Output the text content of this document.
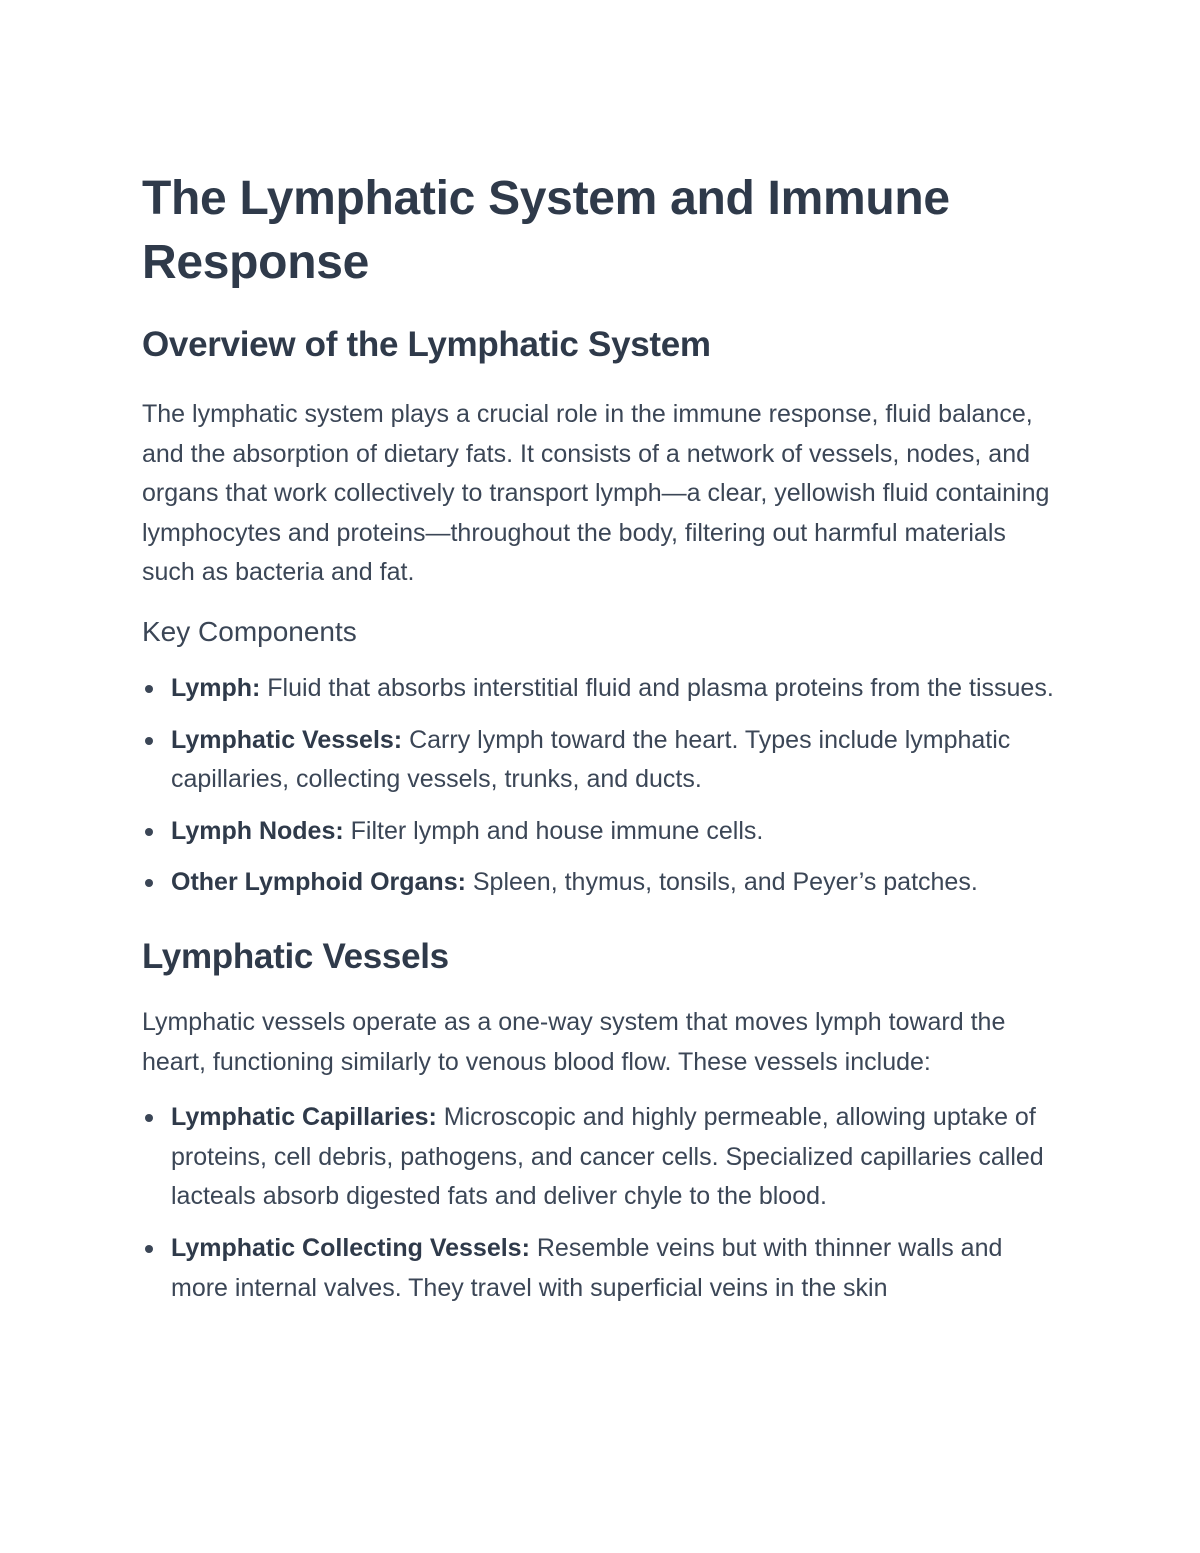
The Lymphatic System and Immune Response
Overview of the Lymphatic System

The lymphatic system plays a crucial role in the immune response, fluid balance, and the absorption of dietary fats. It consists of a network of vessels, nodes, and organs that work collectively to transport lymph—a clear, yellowish fluid containing lymphocytes and proteins—throughout the body, filtering out harmful materials such as bacteria and fat.

Key Components
Lymph: Fluid that absorbs interstitial fluid and plasma proteins from the tissues.
Lymphatic Vessels: Carry lymph toward the heart. Types include lymphatic capillaries, collecting vessels, trunks, and ducts.
Lymph Nodes: Filter lymph and house immune cells.
Other Lymphoid Organs: Spleen, thymus, tonsils, and Peyer’s patches.
Lymphatic Vessels

Lymphatic vessels operate as a one-way system that moves lymph toward the heart, functioning similarly to venous blood flow. These vessels include:

Lymphatic Capillaries: Microscopic and highly permeable, allowing uptake of proteins, cell debris, pathogens, and cancer cells. Specialized capillaries called lacteals absorb digested fats and deliver chyle to the blood.
Lymphatic Collecting Vessels: Resemble veins but with thinner walls and more internal valves. They travel with superficial veins in the skin
